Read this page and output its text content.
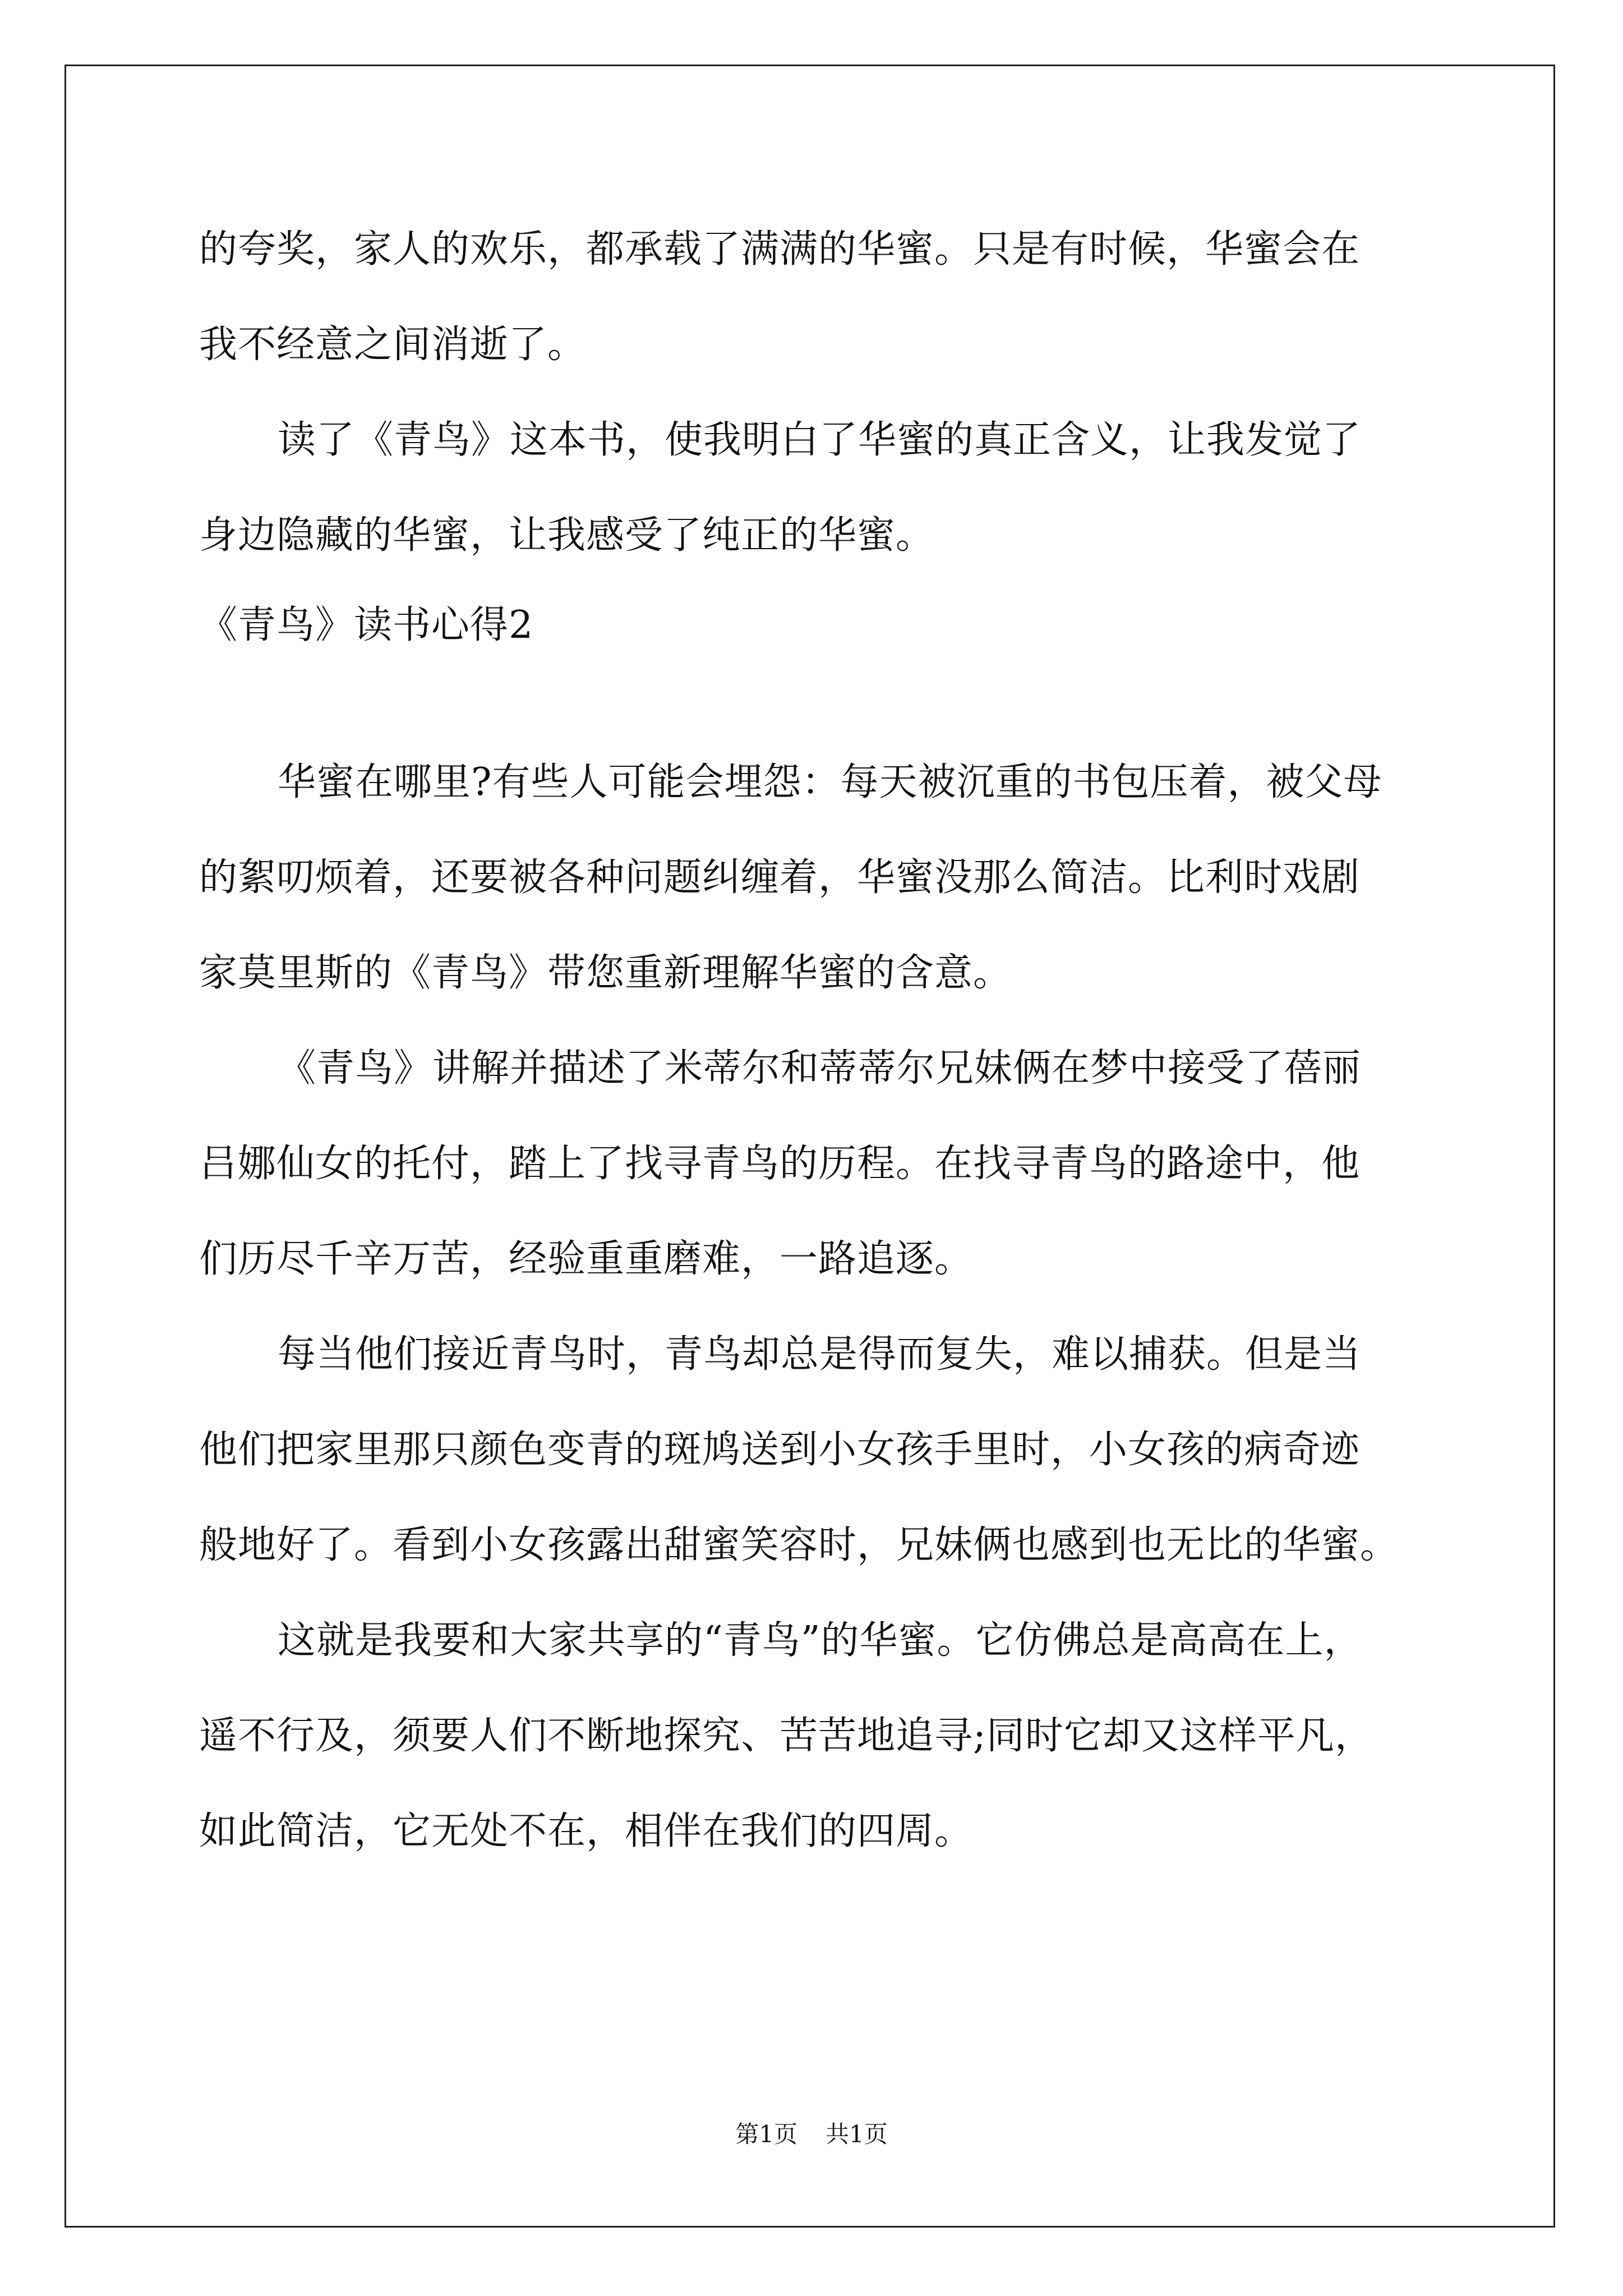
的夸奖，家人的欢乐，都承载了满满的华蜜。只是有时候，华蜜会在
我不经意之间消逝了。
读了《青鸟》这本书，使我明白了华蜜的真正含义，让我发觉了
身边隐藏的华蜜，让我感受了纯正的华蜜。
《青鸟》读书心得2
华蜜在哪里?有些人可能会埋怨：每天被沉重的书包压着，被父母
的絮叨烦着，还要被各种问题纠缠着，华蜜没那么简洁。比利时戏剧
家莫里斯的《青鸟》带您重新理解华蜜的含意。
《青鸟》讲解并描述了米蒂尔和蒂蒂尔兄妹俩在梦中接受了蓓丽
吕娜仙女的托付，踏上了找寻青鸟的历程。在找寻青鸟的路途中，他
们历尽千辛万苦，经验重重磨难，一路追逐。
每当他们接近青鸟时，青鸟却总是得而复失，难以捕获。但是当
他们把家里那只颜色变青的斑鸠送到小女孩手里时，小女孩的病奇迹
般地好了。看到小女孩露出甜蜜笑容时，兄妹俩也感到也无比的华蜜。
这就是我要和大家共享的“青鸟”的华蜜。它仿佛总是高高在上，
遥不行及，须要人们不断地探究、苦苦地追寻;同时它却又这样平凡，
如此简洁，它无处不在，相伴在我们的四周。
第1页 共1页
